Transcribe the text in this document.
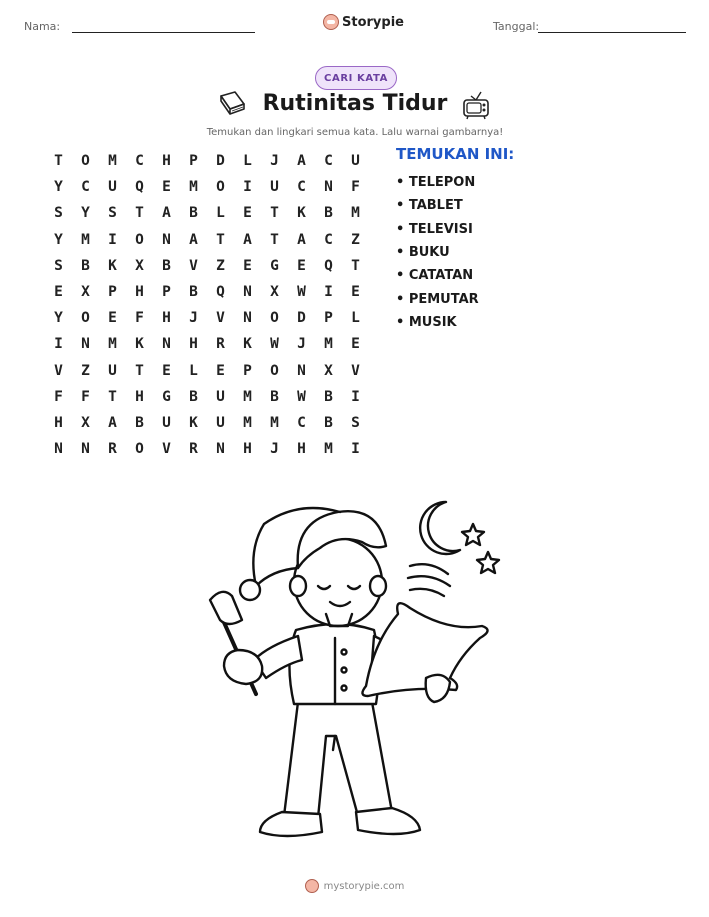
Nama:	Storypie	Tanggal:
CARI KATA
Rutinitas Tidur
Temukan dan lingkari semua kata. Lalu warnai gambarnya!
T	O	M	C	H	P	D	L	J	A	C	U
Y	C	U	Q	E	M	O	I	U	C	N	F
S	Y	S	T	A	B	L	E	T	K	B	M
Y	M	I	O	N	A	T	A	T	A	C	Z
S	B	K	X	B	V	Z	E	G	E	Q	T
E	X	P	H	P	B	Q	N	X	W	I	E
Y	O	E	F	H	J	V	N	O	D	P	L
I	N	M	K	N	H	R	K	W	J	M	E
V	Z	U	T	E	L	E	P	O	N	X	V
F	F	T	H	G	B	U	M	B	W	B	I
H	X	A	B	U	K	U	M	M	C	B	S
N	N	R	O	V	R	N	H	J	H	M	I
TEMUKAN INI:
• TELEPON
• TABLET
• TELEVISI
• BUKU
• CATATAN
• PEMUTAR
• MUSIK
mystorypie.com
